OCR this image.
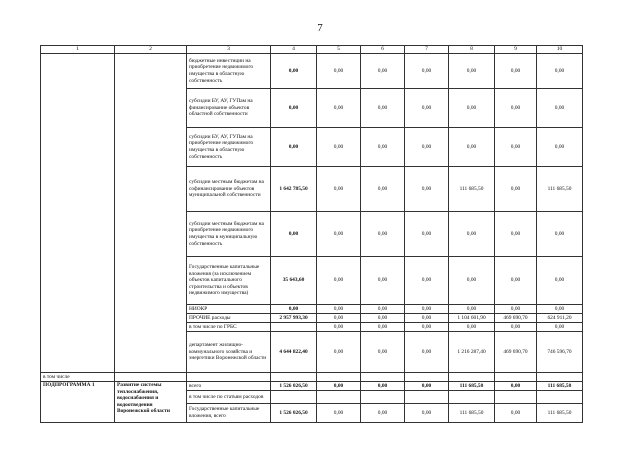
7
1	2	3	4	5	6	7	8	9	10
		бюджетные инвестиции на приобретение недвижимого имущества в областную собственность	0,00	0,00	0,00	0,00	0,00	0,00	0,00
		субсидии БУ, АУ, ГУПам на финансирование объектов областной собственности	0,00	0,00	0,00	0,00	0,00	0,00	0,00
		субсидии БУ, АУ, ГУПам на приобретение недвижимого имущества в областную собственность	0,00	0,00	0,00	0,00	0,00	0,00	0,00
		субсидии местным бюджетам на софинансирование объектов муниципальной собственности	1 642 785,50	0,00	0,00	0,00	111 685,50	0,00	111 685,50
		субсидии местным бюджетам на приобретение недвижимого имущества в муниципальную собственность	0,00	0,00	0,00	0,00	0,00	0,00	0,00
		Государственные капитальные вложения (за исключением объектов капитального строительства и объектов недвижимого имущества)	35 643,60	0,00	0,00	0,00	0,00	0,00	0,00
		НИОКР	0,00	0,00	0,00	0,00	0,00	0,00	0,00
		ПРОЧИЕ расходы	2 957 993,30	0,00	0,00	0,00	1 104 601,90	469 690,70	624 911,20
		в том числе по ГРБС		0,00	0,00	0,00	0,00	0,00	0,00
		департамент жилищно-коммунального хозяйства и энергетики Воронежской области	4 644 822,40	0,00	0,00	0,00	1 216 287,40	469 690,70	746 596,70
в том числе									
ПОДПРОГРАММА 1	Развитие системы теплоснабжения, водоснабжения и водоотведения Воронежской области	всего	1 526 026,50	0,00	0,00	0,00	111 685,50	0,00	111 685,50
		в том числе по статьям расходов							
		Государственные капитальные вложения, всего	1 526 026,50	0,00	0,00	0,00	111 685,50	0,00	111 685,50
